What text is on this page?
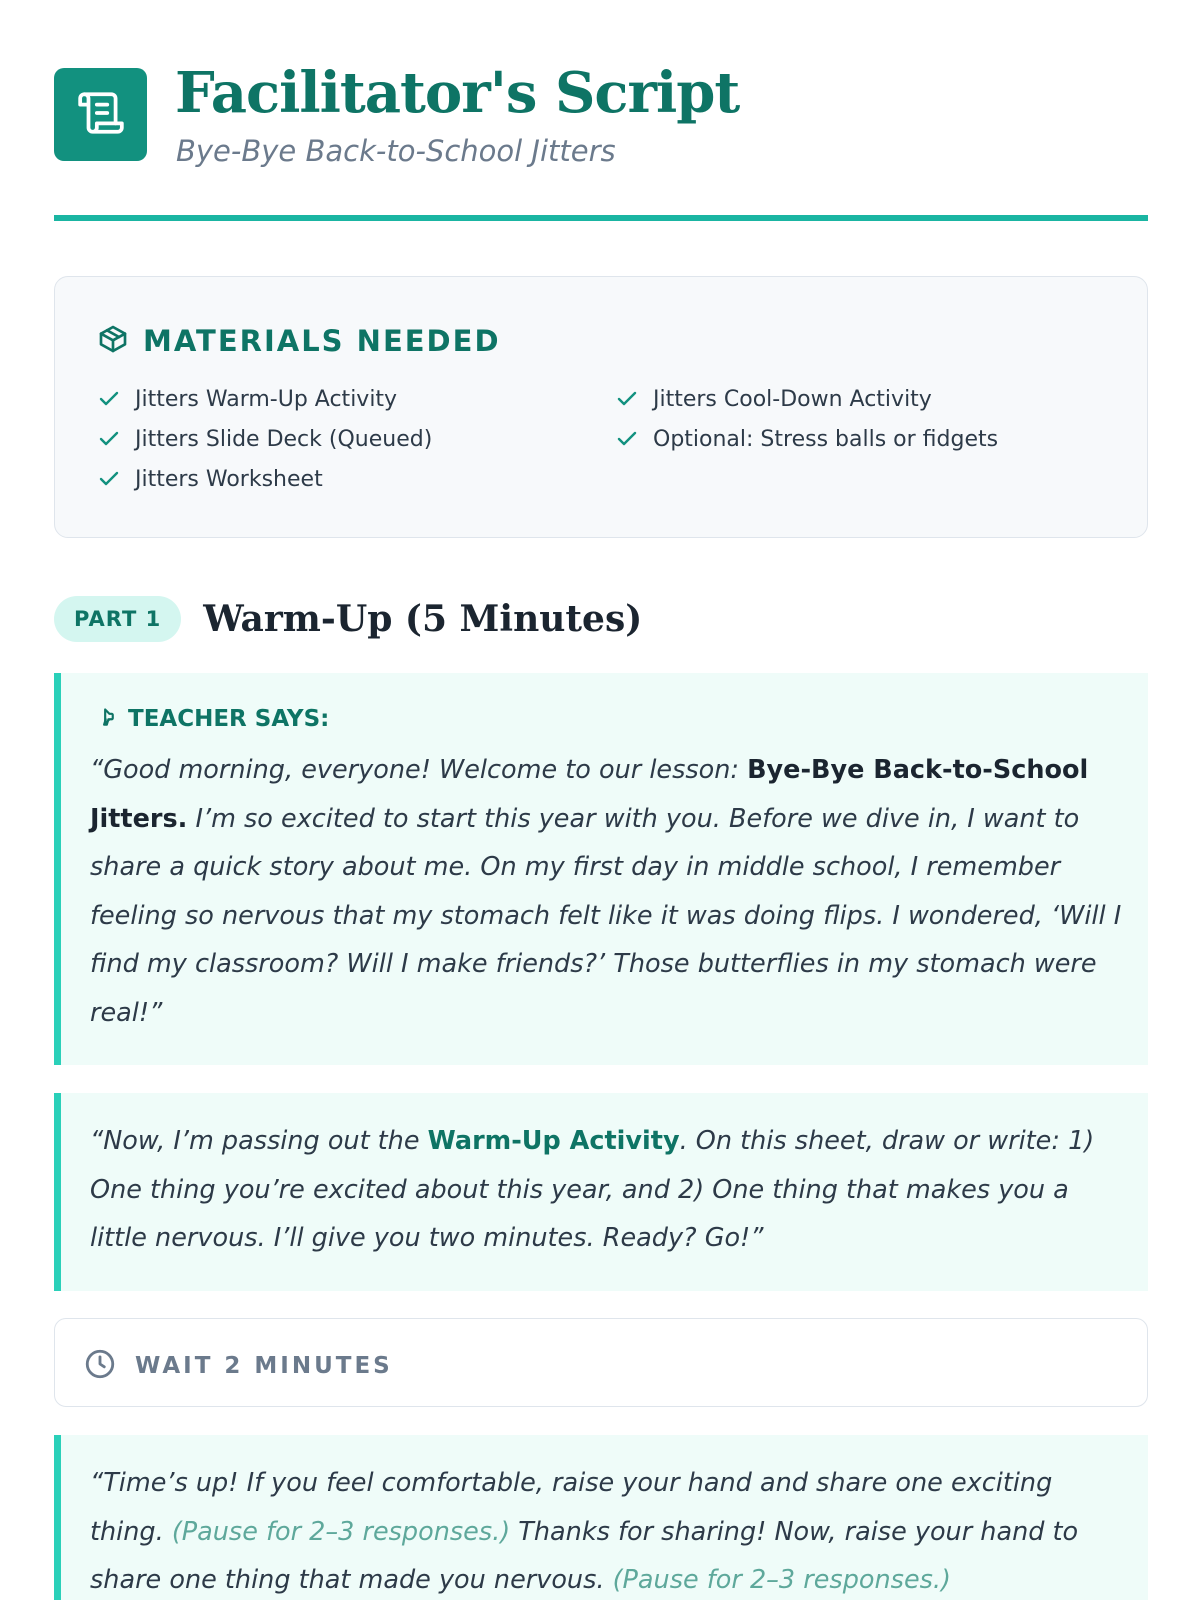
Facilitator's Script
Bye-Bye Back-to-School Jitters
MATERIALS NEEDED
Jitters Warm-Up Activity
Jitters Slide Deck (Queued)
Jitters Worksheet
Jitters Cool-Down Activity
Optional: Stress balls or fidgets
PART 1	Warm-Up (5 Minutes)
TEACHER SAYS:

“Good morning, everyone! Welcome to our lesson: Bye-Bye Back-to-School Jitters. I’m so excited to start this year with you. Before we dive in, I want to share a quick story about me. On my first day in middle school, I remember feeling so nervous that my stomach felt like it was doing flips. I wondered, ‘Will I find my classroom? Will I make friends?’ Those butterflies in my stomach were real!”

“Now, I’m passing out the Warm-Up Activity. On this sheet, draw or write: 1) One thing you’re excited about this year, and 2) One thing that makes you a little nervous. I’ll give you two minutes. Ready? Go!”

WAIT 2 MINUTES

“Time’s up! If you feel comfortable, raise your hand and share one exciting thing. (Pause for 2–3 responses.) Thanks for sharing! Now, raise your hand to share one thing that made you nervous. (Pause for 2–3 responses.)
